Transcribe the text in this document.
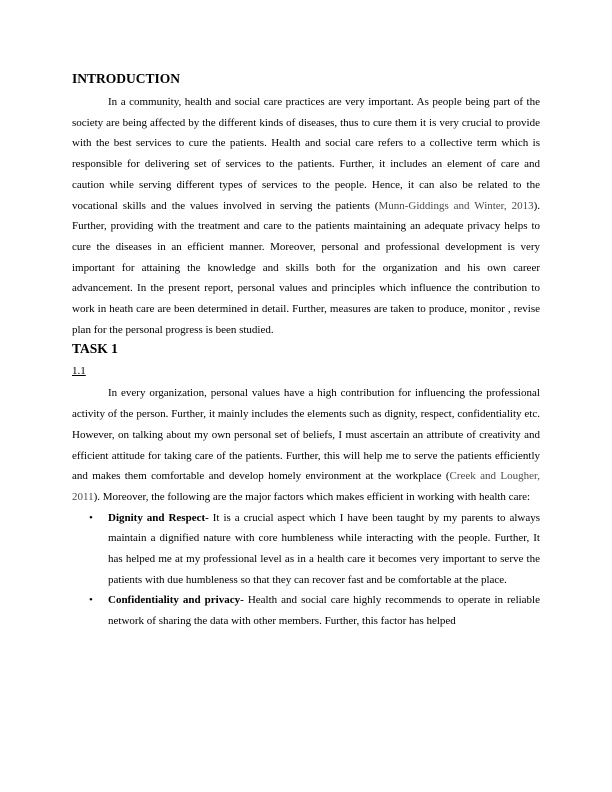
INTRODUCTION

In a community, health and social care practices are very important. As people being part of the society are being affected by the different kinds of diseases, thus to cure them it is very crucial to provide with the best services to cure the patients. Health and social care refers to a collective term which is responsible for delivering set of services to the patients. Further, it includes an element of care and caution while serving different types of services to the people. Hence, it can also be related to the vocational skills and the values involved in serving the patients (Munn-Giddings and Winter, 2013). Further, providing with the treatment and care to the patients maintaining an adequate privacy helps to cure the diseases in an efficient manner. Moreover, personal and professional development is very important for attaining the knowledge and skills both for the organization and his own career advancement. In the present report, personal values and principles which influence the contribution to work in heath care are been determined in detail. Further, measures are taken to produce, monitor , revise plan for the personal progress is been studied.

TASK 1
1.1

In every organization, personal values have a high contribution for influencing the professional activity of the person. Further, it mainly includes the elements such as dignity, respect, confidentiality etc. However, on talking about my own personal set of beliefs, I must ascertain an attribute of creativity and efficient attitude for taking care of the patients. Further, this will help me to serve the patients efficiently and makes them comfortable and develop homely environment at the workplace (Creek and Lougher, 2011). Moreover, the following are the major factors which makes efficient in working with health care:

• Dignity and Respect- It is a crucial aspect which I have been taught by my parents to always maintain a dignified nature with core humbleness while interacting with the people. Further, It has helped me at my professional level as in a health care it becomes very important to serve the patients with due humbleness so that they can recover fast and be comfortable at the place.
• Confidentiality and privacy- Health and social care highly recommends to operate in reliable network of sharing the data with other members. Further, this factor has helped
